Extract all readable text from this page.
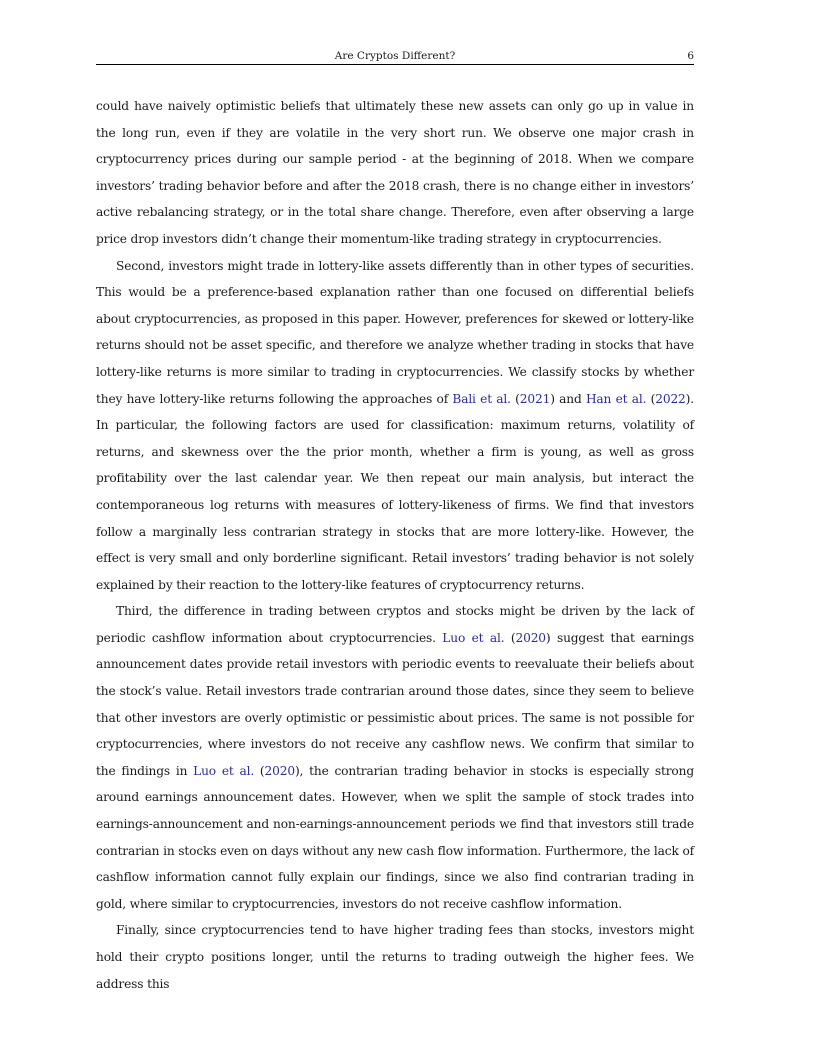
Are Cryptos Different?	6

could have naively optimistic beliefs that ultimately these new assets can only go up in value in the long run, even if they are volatile in the very short run. We observe one major crash in cryptocurrency prices during our sample period - at the beginning of 2018. When we compare investors’ trading behavior before and after the 2018 crash, there is no change either in investors’ active rebalancing strategy, or in the total share change. Therefore, even after observing a large price drop investors didn’t change their momentum-like trading strategy in cryptocurrencies.

Second, investors might trade in lottery-like assets differently than in other types of securities. This would be a preference-based explanation rather than one focused on differential beliefs about cryptocurrencies, as proposed in this paper. However, preferences for skewed or lottery-like returns should not be asset specific, and therefore we analyze whether trading in stocks that have lottery-like returns is more similar to trading in cryptocurrencies. We classify stocks by whether they have lottery-like returns following the approaches of Bali et al. (2021) and Han et al. (2022). In particular, the following factors are used for classification: maximum returns, volatility of returns, and skewness over the the prior month, whether a firm is young, as well as gross profitability over the last calendar year. We then repeat our main analysis, but interact the contemporaneous log returns with measures of lottery-likeness of firms. We find that investors follow a marginally less contrarian strategy in stocks that are more lottery-like. However, the effect is very small and only borderline significant. Retail investors’ trading behavior is not solely explained by their reaction to the lottery-like features of cryptocurrency returns.

Third, the difference in trading between cryptos and stocks might be driven by the lack of periodic cashflow information about cryptocurrencies. Luo et al. (2020) suggest that earnings announcement dates provide retail investors with periodic events to reevaluate their beliefs about the stock’s value. Retail investors trade contrarian around those dates, since they seem to believe that other investors are overly optimistic or pessimistic about prices. The same is not possible for cryptocurrencies, where investors do not receive any cashflow news. We confirm that similar to the findings in Luo et al. (2020), the contrarian trading behavior in stocks is especially strong around earnings announcement dates. However, when we split the sample of stock trades into earnings-announcement and non-earnings-announcement periods we find that investors still trade contrarian in stocks even on days without any new cash flow information. Furthermore, the lack of cashflow information cannot fully explain our findings, since we also find contrarian trading in gold, where similar to cryptocurrencies, investors do not receive cashflow information.

Finally, since cryptocurrencies tend to have higher trading fees than stocks, investors might hold their crypto positions longer, until the returns to trading outweigh the higher fees. We address this
